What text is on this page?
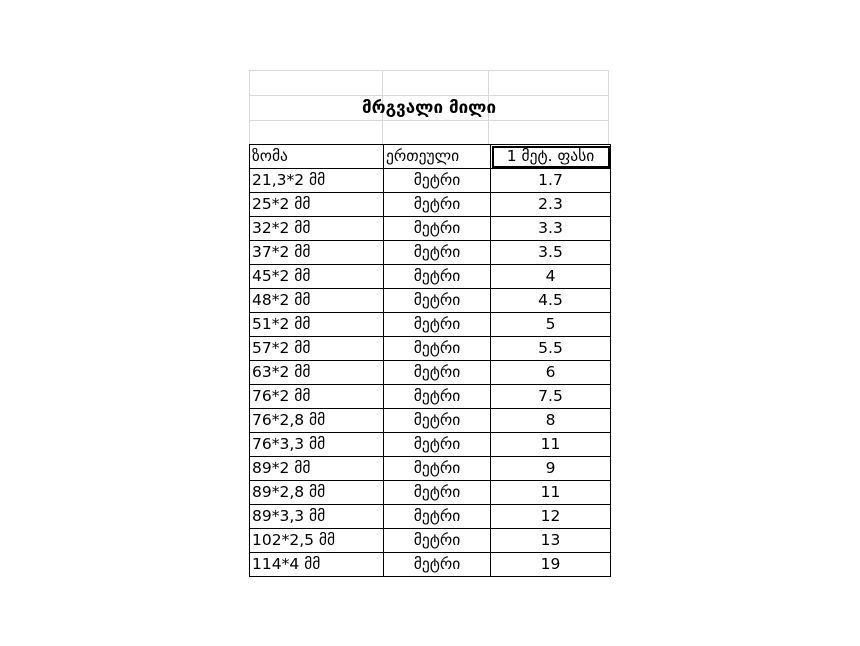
მრგვალი მილი
ზომა	ერთეული	1 მეტ. ფასი
21,3*2 მმ	მეტრი	1.7
25*2 მმ	მეტრი	2.3
32*2 მმ	მეტრი	3.3
37*2 მმ	მეტრი	3.5
45*2 მმ	მეტრი	4
48*2 მმ	მეტრი	4.5
51*2 მმ	მეტრი	5
57*2 მმ	მეტრი	5.5
63*2 მმ	მეტრი	6
76*2 მმ	მეტრი	7.5
76*2,8 მმ	მეტრი	8
76*3,3 მმ	მეტრი	11
89*2 მმ	მეტრი	9
89*2,8 მმ	მეტრი	11
89*3,3 მმ	მეტრი	12
102*2,5 მმ	მეტრი	13
114*4 მმ	მეტრი	19
